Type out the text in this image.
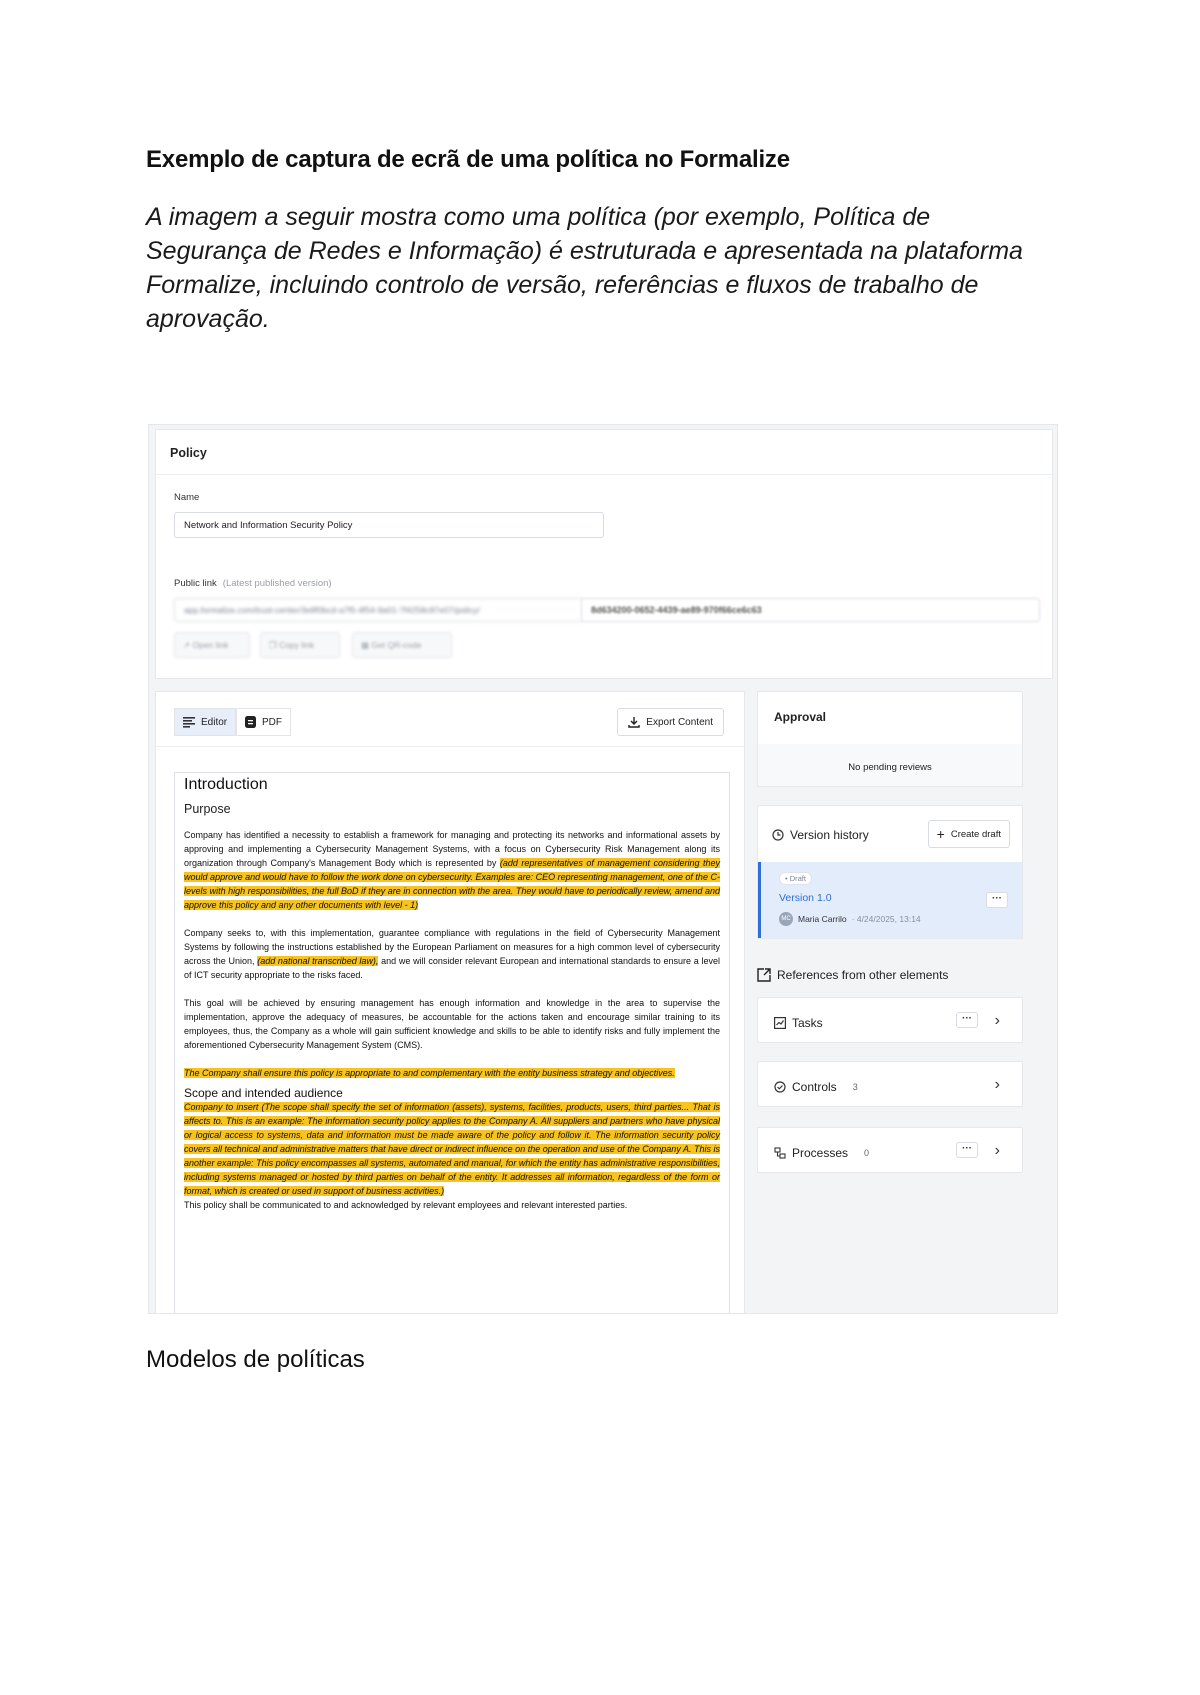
Exemplo de captura de ecrã de uma política no Formalize
A imagem a seguir mostra como uma política (por exemplo, Política de Segurança de Redes e Informação) é estruturada e apresentada na plataforma Formalize, incluindo controlo de versão, referências e fluxos de trabalho de aprovação.
Policy
Name
Network and Information Security Policy
Public link (Latest published version)
app.formalize.com/trust-center/3e8f0bcd-a7f5-4f54-9a01-7f4258c87e07/policy/	8d634200-0652-4439-ae89-970f66ce6c63
↗ Open link	❐ Copy link	▦ Get QR-code
Editor	PDF	Export Content
Introduction
Purpose

Company has identified a necessity to establish a framework for managing and protecting its networks and informational assets by approving and implementing a Cybersecurity Management Systems, with a focus on Cybersecurity Risk Management along its organization through Company's Management Body which is represented by (add representatives of management considering they would approve and would have to follow the work done on cybersecurity. Examples are: CEO representing management, one of the C-levels with high responsibilities, the full BoD if they are in connection with the area. They would have to periodically review, amend and approve this policy and any other documents with level - 1)

Company seeks to, with this implementation, guarantee compliance with regulations in the field of Cybersecurity Management Systems by following the instructions established by the European Parliament on measures for a high common level of cybersecurity across the Union, (add national transcribed law), and we will consider relevant European and international standards to ensure a level of ICT security appropriate to the risks faced.

This goal will be achieved by ensuring management has enough information and knowledge in the area to supervise the implementation, approve the adequacy of measures, be accountable for the actions taken and encourage similar training to its employees, thus, the Company as a whole will gain sufficient knowledge and skills to be able to identify risks and fully implement the aforementioned Cybersecurity Management System (CMS).

The Company shall ensure this policy is appropriate to and complementary with the entity business strategy and objectives.

Scope and intended audience
Company to insert (The scope shall specify the set of information (assets), systems, facilities, products, users, third parties... That is affects to. This is an example: The information security policy applies to the Company A. All suppliers and partners who have physical or logical access to systems, data and information must be made aware of the policy and follow it. The information security policy covers all technical and administrative matters that have direct or indirect influence on the operation and use of the Company A. This is another example: This policy encompasses all systems, automated and manual, for which the entity has administrative responsibilities, including systems managed or hosted by third parties on behalf of the entity. It addresses all information, regardless of the form or format, which is created or used in support of business activities.)
This policy shall be communicated to and acknowledged by relevant employees and relevant interested parties.
Approval
No pending reviews
Version history	+ Create draft
• Draft
Version 1.0
MC Maria Carrilo · 4/24/2025, 13:14
···
References from other elements
Tasks	···	›
Controls 3	›
Processes 0	···	›
Modelos de políticas
